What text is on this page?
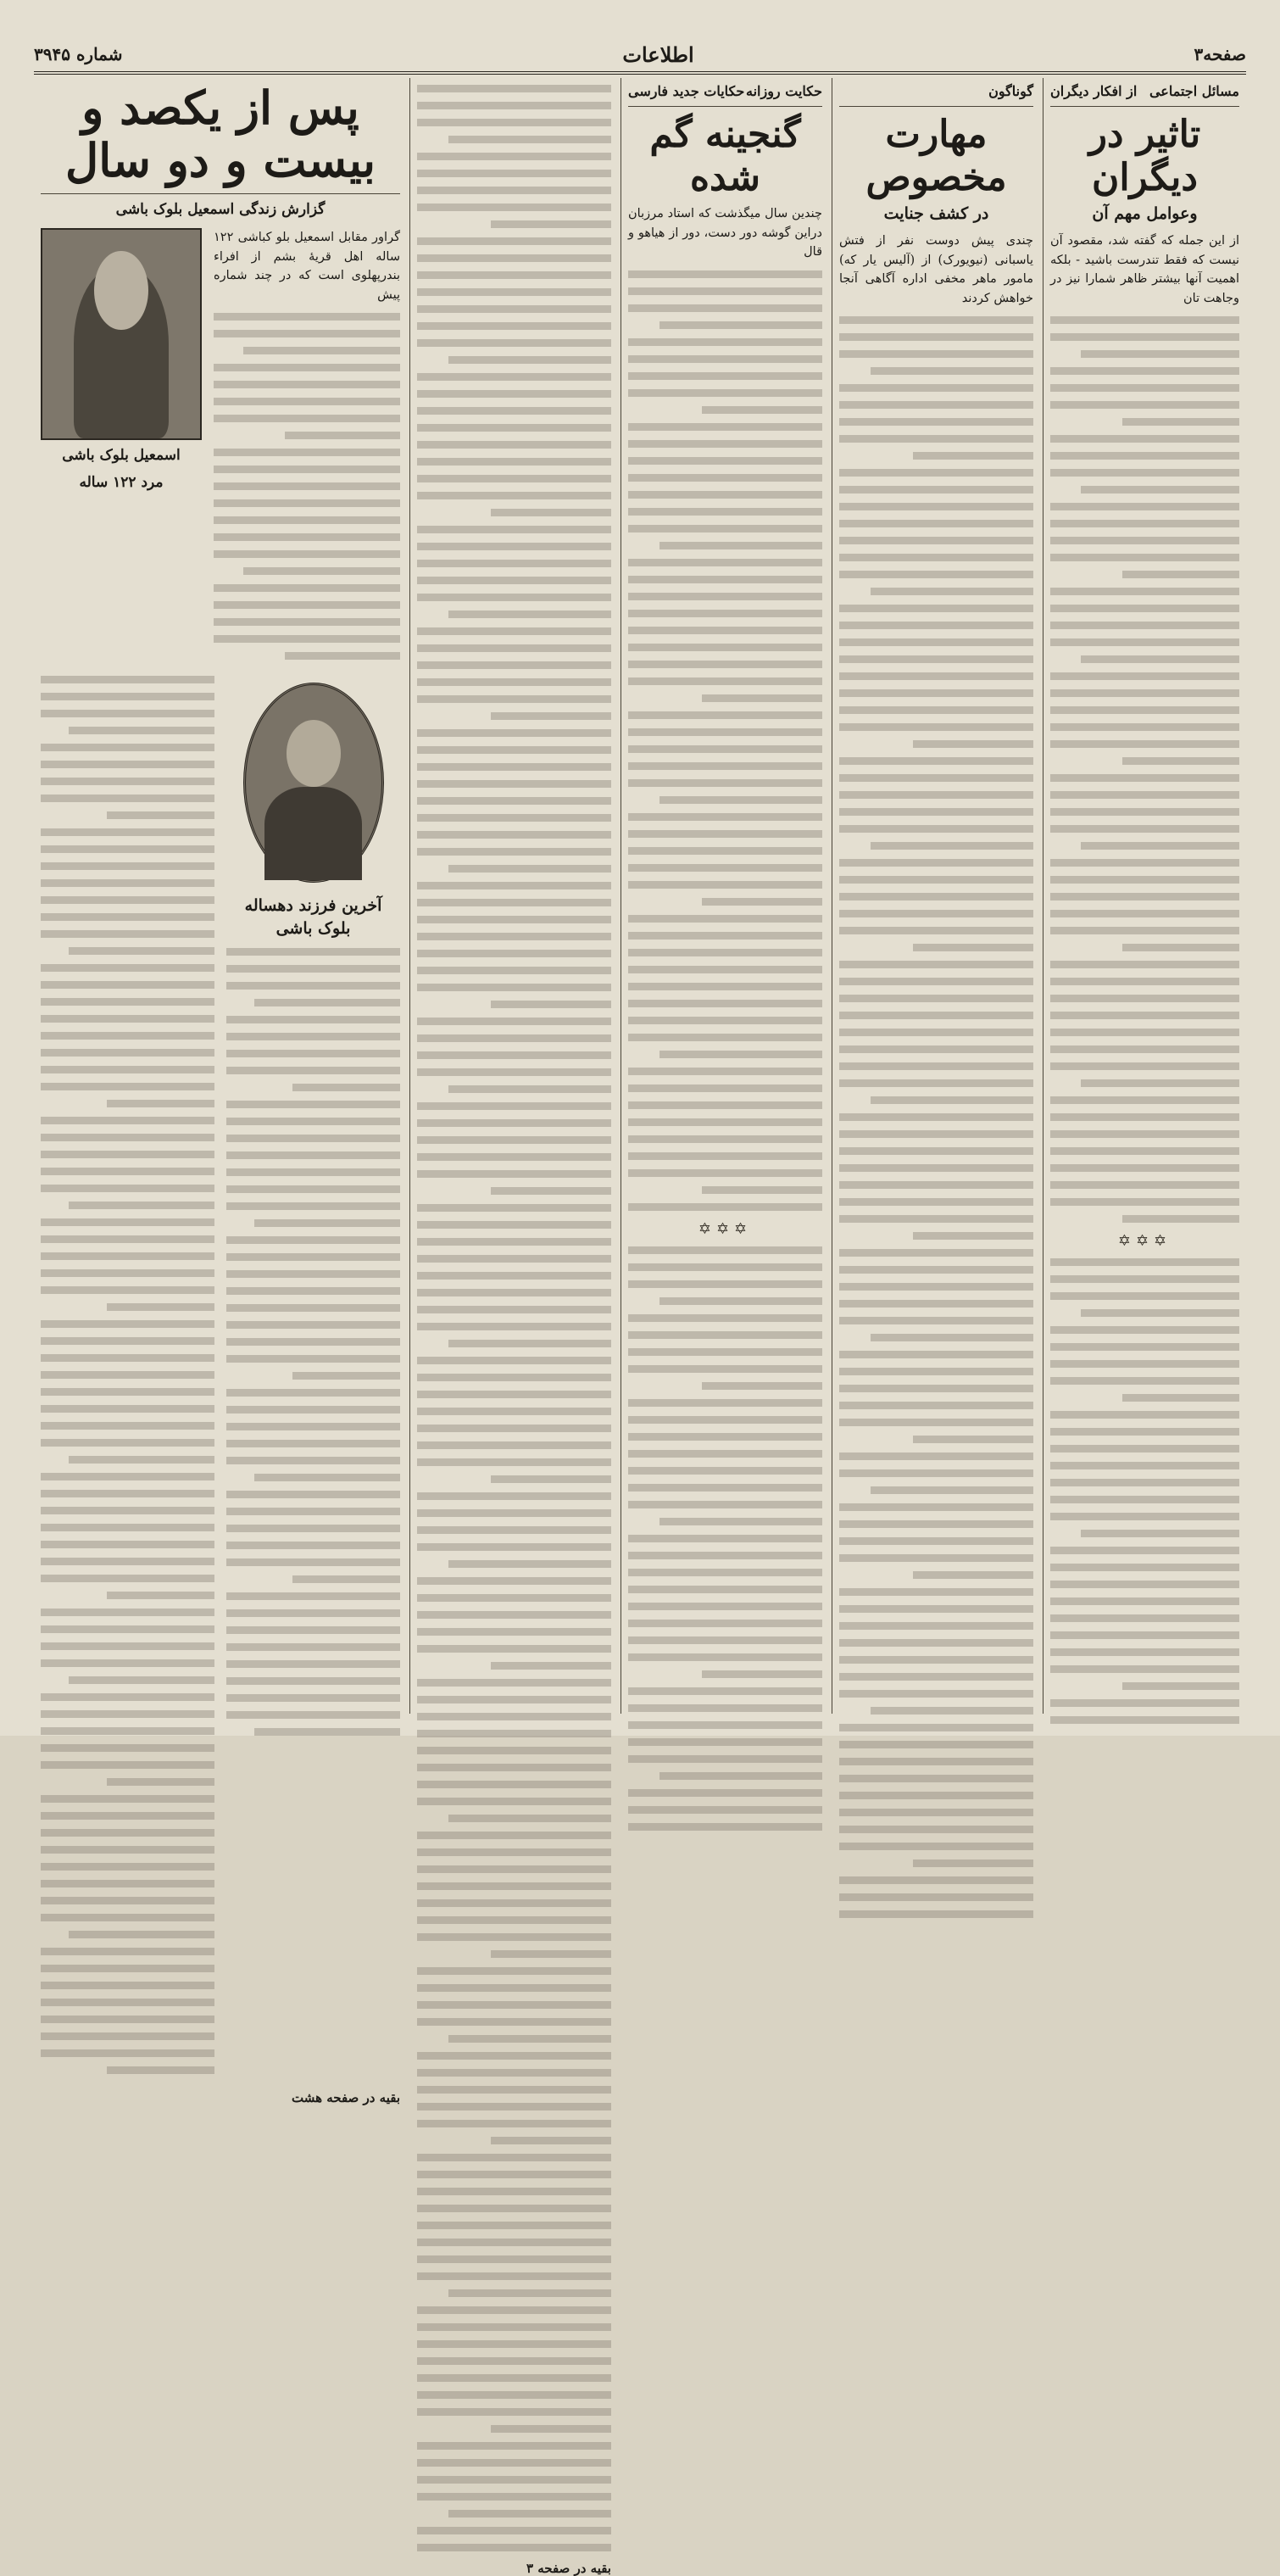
صفحه۳
اطلاعات
شماره ۳۹۴۵
مسائل اجتماعی
از افکار دیگران
تاثیر در دیگران
وعوامل مهم آن

از این جمله که گفته شد، مقصود آن نیست که فقط تندرست باشید - بلکه اهمیت آنها بیشتر ظاهر شمارا نیز در وجاهت تان

✡✡✡
گوناگون
مهارت مخصوص
در کشف جنایت

چندی پیش دوست نفر از فتش یاسبانی (نیویورک) از (آلیس یار که) مامور ماهر مخفی اداره آگاهی آنجا خواهش کردند

حکایت روزانه
حکایات جدید فارسی
گنجینه گم شده

چندین سال میگذشت که استاد مرزبان دراین گوشه دور دست، دور از هیاهو و قال

✡✡✡
بقیه در صفحه ۳
پس از یکصد و بیست و دو سال
گزارش زندگی اسمعیل بلوک باشی

گراور مقابل اسمعیل بلو کباشی ۱۲۲ ساله اهل قریۀ بشم از افراء بندرپهلوی است که در چند شماره پیش

اسمعیل بلوک باشی
مرد ۱۲۲ ساله
آخرین فرزند دهساله بلوک باشی
بقیه در صفحه هشت
